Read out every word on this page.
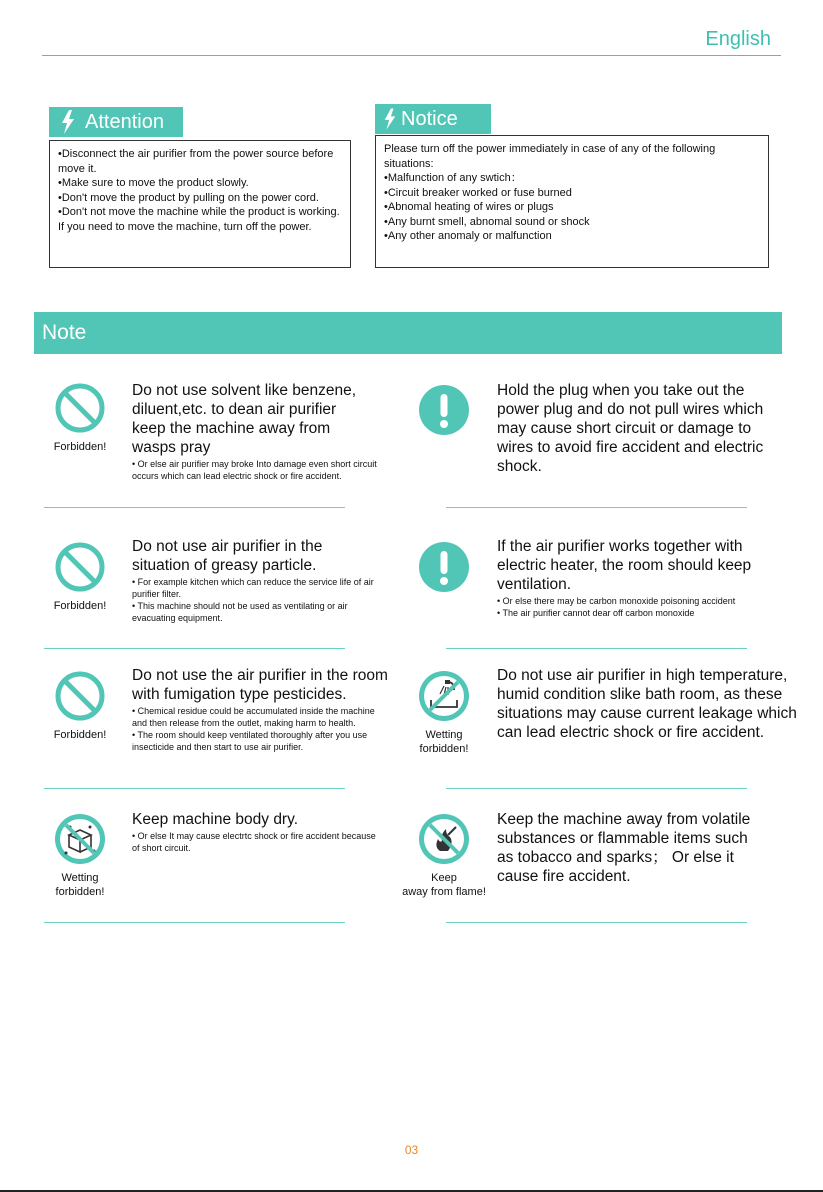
English
Attention

•Disconnect the air purifier from the power source before move it.

•Make sure to move the product slowly.

•Don't move the product by pulling on the power cord.

•Don't not move the machine while the product is working. If you need to move the machine, turn off the power.

Notice

Please turn off the power immediately in case of any of the following situations:

•Malfunction of any swtich：

•Circuit breaker worked or fuse burned

•Abnomal heating of wires or plugs

•Any burnt smell, abnomal sound or shock

•Any other anomaly or malfunction

Note
Forbidden!
Do not use solvent like benzene, diluent,etc. to dean air purifier keep the machine away from wasps pray
• Or else air purifier may broke Into damage even short circuit occurs which can lead electric shock or fire accident.
Hold the plug when you take out the power plug and do not pull wires which may cause short circuit or damage to wires to avoid fire accident and electric shock.
Forbidden!
Do not use air purifier in the situation of greasy particle.
• For example kitchen which can reduce the service life of air purifier filter.
• This machine should not be used as ventilating or air evacuating equipment.
If the air purifier works together with electric heater, the room should keep ventilation.
• Or else there may be carbon monoxide poisoning accident
• The air purifier cannot dear off carbon monoxide
Forbidden!
Do not use the air purifier in the room with fumigation type pesticides.
• Chemical residue could be accumulated inside the machine and then release from the outlet, making harm to health.
• The room should keep ventilated thoroughly after you use insecticide and then start to use air purifier.
Wetting
forbidden!
Do not use air purifier in high temperature, humid condition slike bath room, as these situations may cause current leakage which can lead electric shock or fire accident.
Wetting
forbidden!
Keep machine body dry.
• Or else It may cause electrtc shock or fire accident because of short circuit.
Keep
away from flame!
Keep the machine away from volatile substances or flammable items such as tobacco and sparks； Or else it cause fire accident.
03
